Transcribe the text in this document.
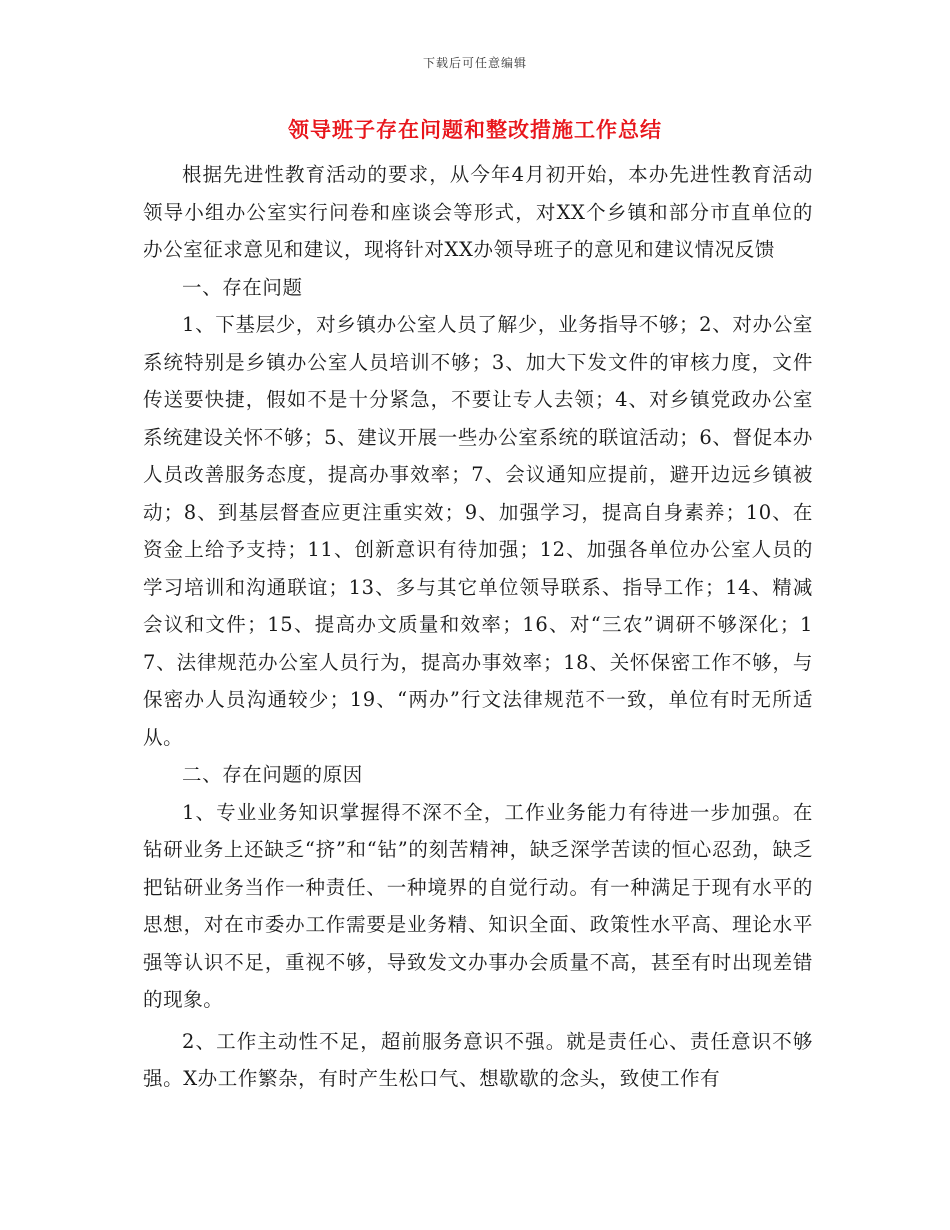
下载后可任意编辑
领导班子存在问题和整改措施工作总结

根据先进性教育活动的要求，从今年4月初开始，本办先进性教育活动领导小组办公室实行问卷和座谈会等形式，对XX个乡镇和部分市直单位的办公室征求意见和建议，现将针对XX办领导班子的意见和建议情况反馈

一、存在问题

1、下基层少，对乡镇办公室人员了解少，业务指导不够；2、对办公室系统特别是乡镇办公室人员培训不够；3、加大下发文件的审核力度，文件传送要快捷，假如不是十分紧急，不要让专人去领；4、对乡镇党政办公室系统建设关怀不够；5、建议开展一些办公室系统的联谊活动；6、督促本办人员改善服务态度，提高办事效率；7、会议通知应提前，避开边远乡镇被动；8、到基层督查应更注重实效；9、加强学习，提高自身素养；10、在资金上给予支持；11、创新意识有待加强；12、加强各单位办公室人员的学习培训和沟通联谊；13、多与其它单位领导联系、指导工作；14、精减会议和文件；15、提高办文质量和效率；16、对“三农”调研不够深化；17、法律规范办公室人员行为，提高办事效率；18、关怀保密工作不够，与保密办人员沟通较少；19、“两办”行文法律规范不一致，单位有时无所适从。

二、存在问题的原因

1、专业业务知识掌握得不深不全，工作业务能力有待进一步加强。在钻研业务上还缺乏“挤”和“钻”的刻苦精神，缺乏深学苦读的恒心忍劲，缺乏把钻研业务当作一种责任、一种境界的自觉行动。有一种满足于现有水平的思想，对在市委办工作需要是业务精、知识全面、政策性水平高、理论水平强等认识不足，重视不够，导致发文办事办会质量不高，甚至有时出现差错的现象。

2、工作主动性不足，超前服务意识不强。就是责任心、责任意识不够强。X办工作繁杂，有时产生松口气、想歇歇的念头，致使工作有
